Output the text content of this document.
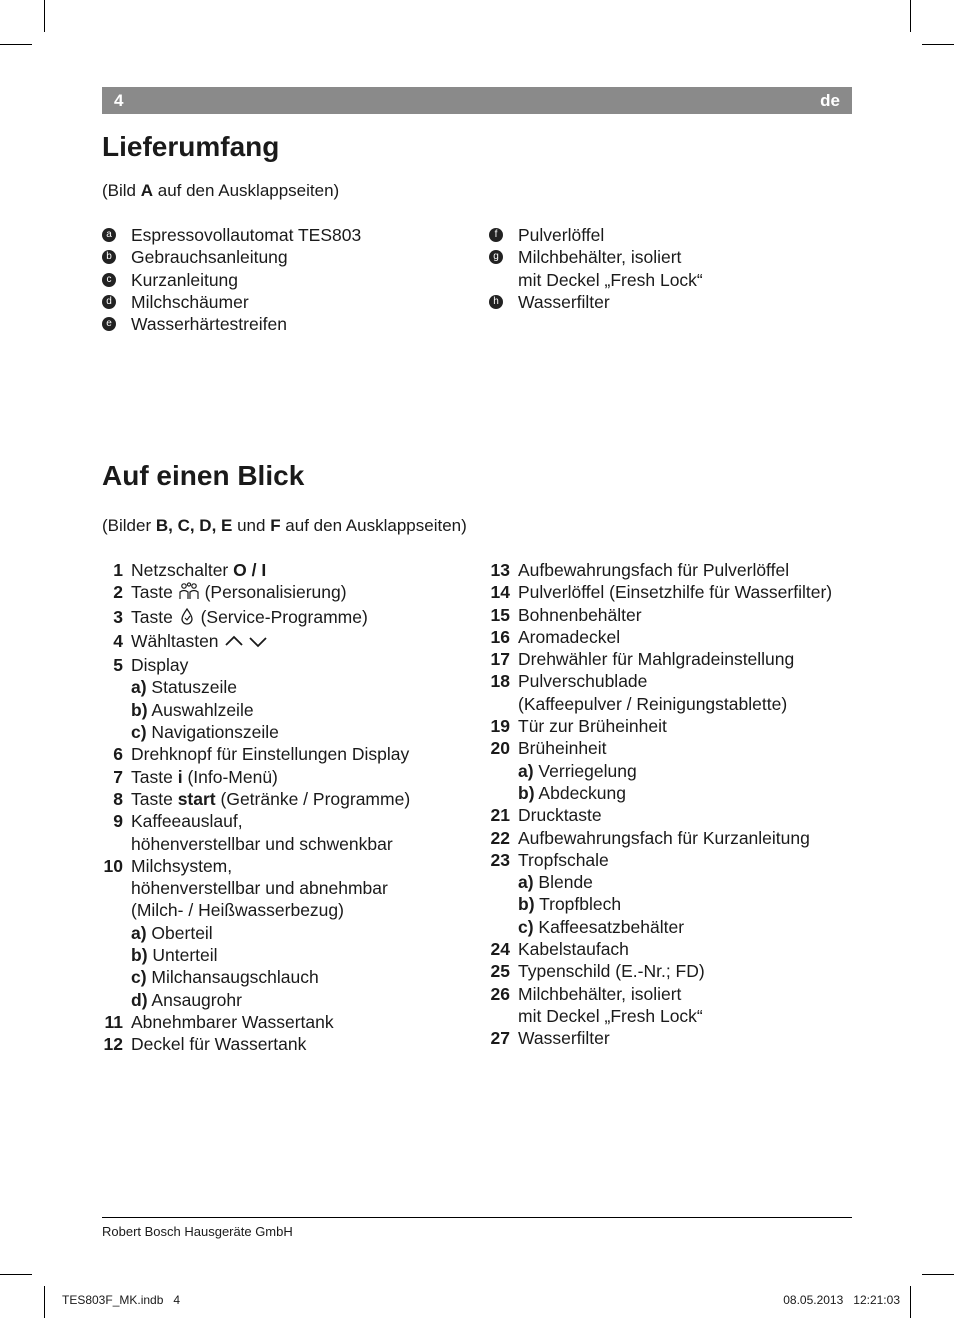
4	de
Lieferumfang
(Bild A auf den Ausklappseiten)
a Espressovollautomat TES803
b Gebrauchsanleitung
c Kurzanleitung
d Milchschäumer
e Wasserhärtestreifen
f	Pulverlöffel
g Milchbehälter, isoliert
mit Deckel „Fresh Lock“
h Wasserfilter
Auf einen Blick
(Bilder B, C, D, E und F auf den Ausklappseiten)
1 Netzschalter O / I
2 Taste  (Personalisierung)
3 Taste  (Service-Programme)
4 Wähltasten
5 Display
a) Statuszeile
b) Auswahlzeile
c) Navigationszeile
6 Drehknopf für Einstellungen Display
7 Taste i (Info-Menü)
8 Taste start (Getränke / Programme)
9 Kaffeeauslauf,
höhenverstellbar und schwenkbar
10 Milchsystem,
höhenverstellbar und abnehmbar
(Milch- / Heißwasserbezug)
a) Oberteil
b) Unterteil
c) Milchansaugschlauch
d) Ansaugrohr
11 Abnehmbarer Wassertank
12 Deckel für Wassertank
13 Aufbewahrungsfach für Pulverlöffel
14 Pulverlöffel (Einsetzhilfe für Wasserfilter)
15 Bohnenbehälter
16 Aromadeckel
17 Drehwähler für Mahlgradeinstellung
18 Pulverschublade
(Kaffeepulver / Reinigungstablette)
19 Tür zur Brüheinheit
20 Brüheinheit
a) Verriegelung
b) Abdeckung
21 Drucktaste
22 Aufbewahrungsfach für Kurzanleitung
23 Tropfschale
a) Blende
b) Tropfblech
c) Kaffeesatzbehälter
24 Kabelstaufach
25 Typenschild (E.-Nr.; FD)
26 Milchbehälter, isoliert
mit Deckel „Fresh Lock“
27 Wasserfilter
Robert Bosch Hausgeräte GmbH
TES803F_MK.indb   4	08.05.2013   12:21:03
